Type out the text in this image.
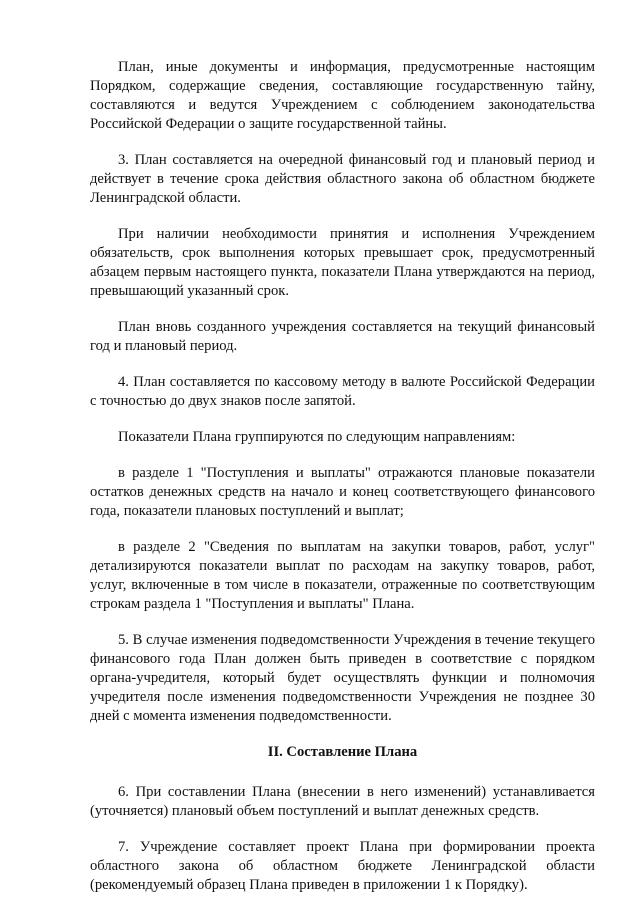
План, иные документы и информация, предусмотренные настоящим Порядком, содержащие сведения, составляющие государственную тайну, составляются и ведутся Учреждением с соблюдением законодательства Российской Федерации о защите государственной тайны.

3. План составляется на очередной финансовый год и плановый период и действует в течение срока действия областного закона об областном бюджете Ленинградской области.

При наличии необходимости принятия и исполнения Учреждением обязательств, срок выполнения которых превышает срок, предусмотренный абзацем первым настоящего пункта, показатели Плана утверждаются на период, превышающий указанный срок.

План вновь созданного учреждения составляется на текущий финансовый год и плановый период.

4. План составляется по кассовому методу в валюте Российской Федерации с точностью до двух знаков после запятой.

Показатели Плана группируются по следующим направлениям:

в разделе 1 "Поступления и выплаты" отражаются плановые показатели остатков денежных средств на начало и конец соответствующего финансового года, показатели плановых поступлений и выплат;

в разделе 2 "Сведения по выплатам на закупки товаров, работ, услуг" детализируются показатели выплат по расходам на закупку товаров, работ, услуг, включенные в том числе в показатели, отраженные по соответствующим строкам раздела 1 "Поступления и выплаты" Плана.

5. В случае изменения подведомственности Учреждения в течение текущего финансового года План должен быть приведен в соответствие с порядком органа-учредителя, который будет осуществлять функции и полномочия учредителя после изменения подведомственности Учреждения не позднее 30 дней с момента изменения подведомственности.

II. Составление Плана

6. При составлении Плана (внесении в него изменений) устанавливается (уточняется) плановый объем поступлений и выплат денежных средств.

7. Учреждение составляет проект Плана при формировании проекта областного закона об областном бюджете Ленинградской области (рекомендуемый образец Плана приведен в приложении 1 к Порядку).
